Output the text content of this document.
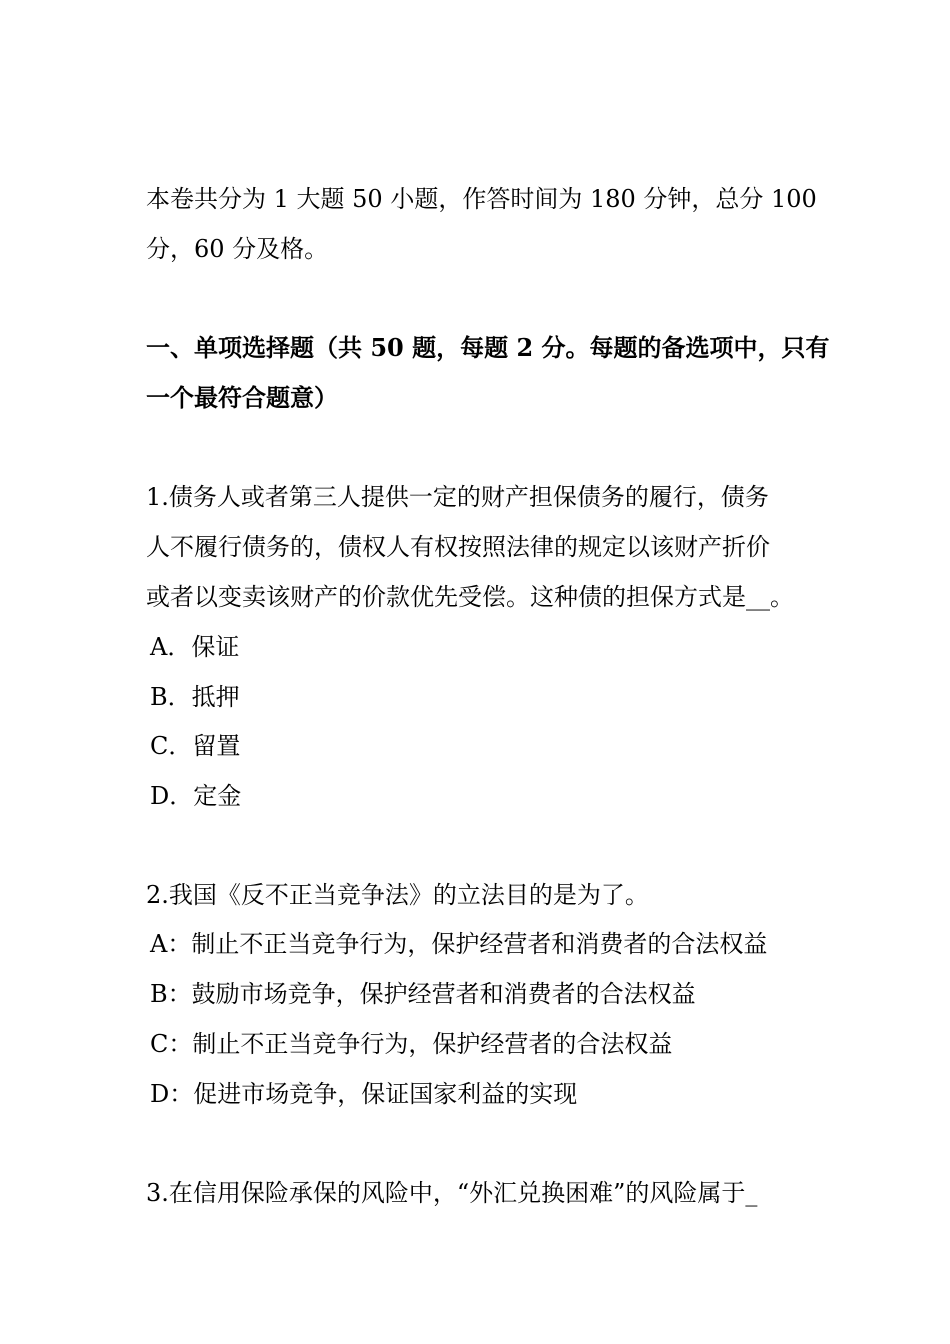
本卷共分为 1 大题 50 小题，作答时间为 180 分钟，总分 100
分，60 分及格。
一、单项选择题（共 50 题，每题 2 分。每题的备选项中，只有
一个最符合题意）
1.债务人或者第三人提供一定的财产担保债务的履行，债务
人不履行债务的，债权人有权按照法律的规定以该财产折价
或者以变卖该财产的价款优先受偿。这种债的担保方式是__。
A．保证
B．抵押
C．留置
D．定金
2.我国《反不正当竞争法》的立法目的是为了。
A：制止不正当竞争行为，保护经营者和消费者的合法权益
B：鼓励市场竞争，保护经营者和消费者的合法权益
C：制止不正当竞争行为，保护经营者的合法权益
D：促进市场竞争，保证国家利益的实现
3.在信用保险承保的风险中，“外汇兑换困难”的风险属于_
